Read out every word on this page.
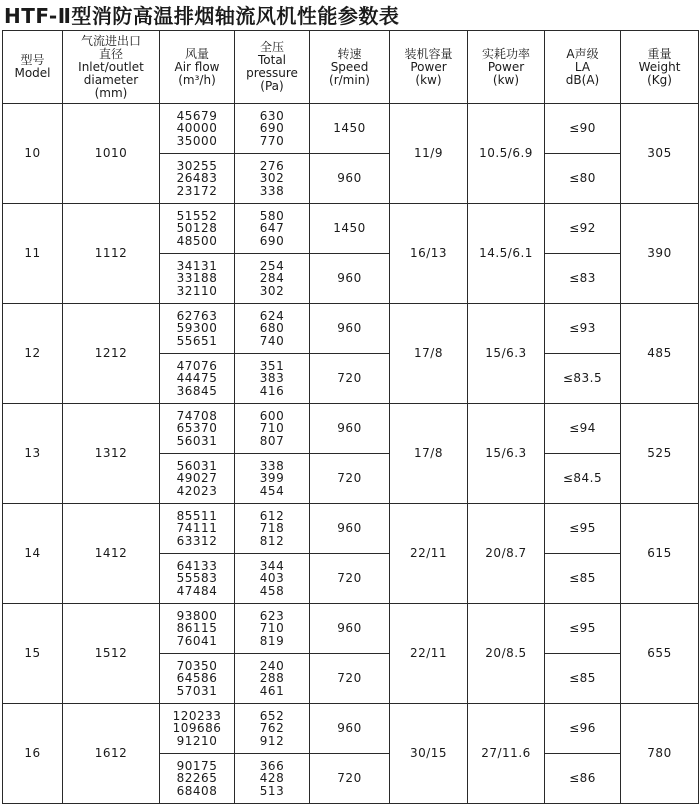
HTF-Ⅱ型消防高温排烟轴流风机性能参数表
型号
Model	气流进出口
直径
Inlet/outlet
diameter
(mm)	风量
Air flow
(m³/h)	全压
Total
pressure
(Pa)	转速
Speed
(r/min)	装机容量
Power
(kw)	实耗功率
Power
(kw)	A声级
LA
dB(A)	重量
Weight
(Kg)

10	1010	45679
40000
35000	630
690
770	1450	11/9	10.5/6.9	≤90	305

		30255
26483
23172	276
302
338	960			≤80	
11	1112	51552
50128
48500	580
647
690	1450	16/13	14.5/6.1	≤92	390

		34131
33188
32110	254
284
302	960			≤83	
12	1212	62763
59300
55651	624
680
740	960	17/8	15/6.3	≤93	485

		47076
44475
36845	351
383
416	720			≤83.5	
13	1312	74708
65370
56031	600
710
807	960	17/8	15/6.3	≤94	525

		56031
49027
42023	338
399
454	720			≤84.5	
14	1412	85511
74111
63312	612
718
812	960	22/11	20/8.7	≤95	615

		64133
55583
47484	344
403
458	720			≤85	
15	1512	93800
86115
76041	623
710
819	960	22/11	20/8.5	≤95	655

		70350
64586
57031	240
288
461	720			≤85	
16	1612	120233
109686
91210	652
762
912	960	30/15	27/11.6	≤96	780

		90175
82265
68408	366
428
513	720			≤86	
